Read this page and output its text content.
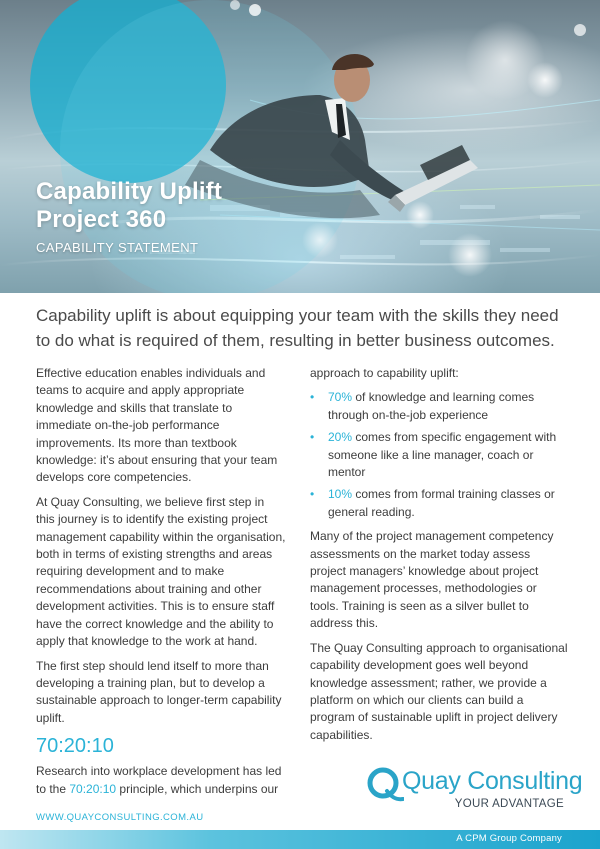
Capability Uplift
Project 360
CAPABILITY STATEMENT
Capability uplift is about equipping your team with the skills they need to do what is required of them, resulting in better business outcomes.

Effective education enables individuals and teams to acquire and apply appropriate knowledge and skills that translate to immediate on-the-job performance improvements. Its more than textbook knowledge: it’s about ensuring that your team develops core competencies.

At Quay Consulting, we believe first step in this journey is to identify the existing project management capability within the organisation, both in terms of existing strengths and areas requiring development and to make recommendations about training and other development activities. This is to ensure staff have the correct knowledge and the ability to apply that knowledge to the work at hand.

The first step should lend itself to more than developing a training plan, but to develop a sustainable approach to longer-term capability uplift.

70:20:10

Research into workplace development has led to the 70:20:10 principle, which underpins our

approach to capability uplift:

• 70% of knowledge and learning comes through on-the-job experience
• 20% comes from specific engagement with someone like a line manager, coach or mentor
• 10% comes from formal training classes or general reading.

Many of the project management competency assessments on the market today assess project managers’ knowledge about project management processes, methodologies or tools. Training is seen as a silver bullet to address this.

The Quay Consulting approach to organisational capability development goes well beyond knowledge assessment; rather, we provide a platform on which our clients can build a program of sustainable uplift in project delivery capabilities.

Quay Consulting
YOUR ADVANTAGE
WWW.QUAYCONSULTING.COM.AU
A CPM Group Company
